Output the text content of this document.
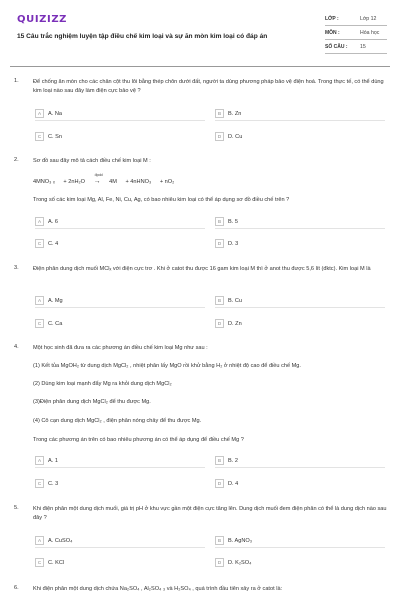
QUIZIZZ
15 Câu trắc nghiệm luyện tập điều chế kim loại và sự ăn mòn kim loại có đáp án
LỚP :	Lớp 12
MÔN :	Hóa học
SỐ CÂU :	15
1.	Để chống ăn mòn cho các chân cột thu lôi bằng thép chôn dưới đất, người ta dùng phương pháp bảo vệ điện hoá. Trong thực tế, có thể dùng kim loại nào sau đây làm điện cực bảo vệ ?
A	A. Na	B	B. Zn
C	C. Sn	D	D. Cu
2.	Sơ đồ sau đây mô tả cách điều chế kim loại M :
4MNO₃ ₓ + 2nH₂O
đpdd
→ 4M + 4nHNO₃ + nO₂
Trong số các kim loại Mg, Al, Fe, Ni, Cu, Ag, có bao nhiêu kim loại có thể áp dụng sơ đồ điều chế trên ?
A	A. 6	B	B. 5
C	C. 4	D	D. 3
3.	Điện phân dung dịch muối MClₓ với điện cực trơ . Khi ở catot thu được 16 gam kim loại M thì ở anot thu được 5,6 lít (đktc). Kim loại M là
A	A. Mg	B	B. Cu
C	C. Ca	D	D. Zn
4.	Một học sinh đã đưa ra các phương án điều chế kim loại Mg như sau :
(1) Kết tủa MgOH₂ từ dung dịch MgCl₂ , nhiệt phân lấy MgO rồi khử bằng H₂ ở nhiệt độ cao để điều chế Mg.
(2) Dùng kim loại mạnh đẩy Mg ra khỏi dung dịch MgCl₂
(3)Điện phân dung dịch MgCl₂ để thu được Mg.
(4) Cô cạn dung dịch MgCl₂ , điện phân nóng chảy để thu được Mg.
Trong các phương án trên có bao nhiêu phương án có thể áp dụng để điều chế Mg ?
A	A. 1	B	B. 2
C	C. 3	D	D. 4
5.	Khi điện phân một dung dịch muối, giá trị pH ở khu vực gần một điện cực tăng lên. Dung dịch muối đem điện phân có thể là dung dịch nào sau đây ?
A	A. CuSO₄	B	B. AgNO₃
C	C. KCl	D	D. K₂SO₄
6.	Khi điện phân một dung dịch chứa Na₂SO₄ , Al₂SO₄ ₃ và H₂SO₄ , quá trình đầu tiên xảy ra ở catot là:
